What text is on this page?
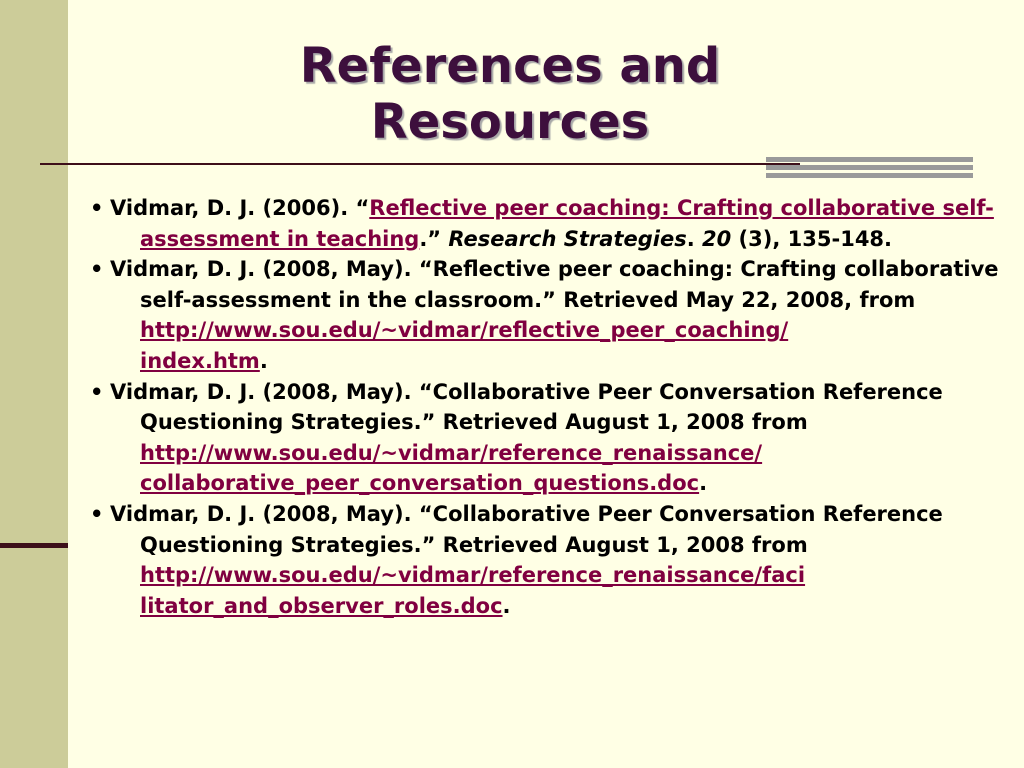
References and
Resources
• Vidmar, D. J. (2006). “Reflective peer coaching: Crafting collaborative self-assessment in teaching.” Research Strategies. 20 (3), 135-148.
• Vidmar, D. J. (2008, May). “Reflective peer coaching: Crafting collaborative self-assessment in the classroom.” Retrieved May 22, 2008, from
http://www.sou.edu/~vidmar/reflective_peer_coaching/
index.htm.
• Vidmar, D. J. (2008, May). “Collaborative Peer Conversation Reference Questioning Strategies.” Retrieved August 1, 2008 from
http://www.sou.edu/~vidmar/reference_renaissance/
collaborative_peer_conversation_questions.doc.
• Vidmar, D. J. (2008, May). “Collaborative Peer Conversation Reference Questioning Strategies.” Retrieved August 1, 2008 from
http://www.sou.edu/~vidmar/reference_renaissance/faci
litator_and_observer_roles.doc.
